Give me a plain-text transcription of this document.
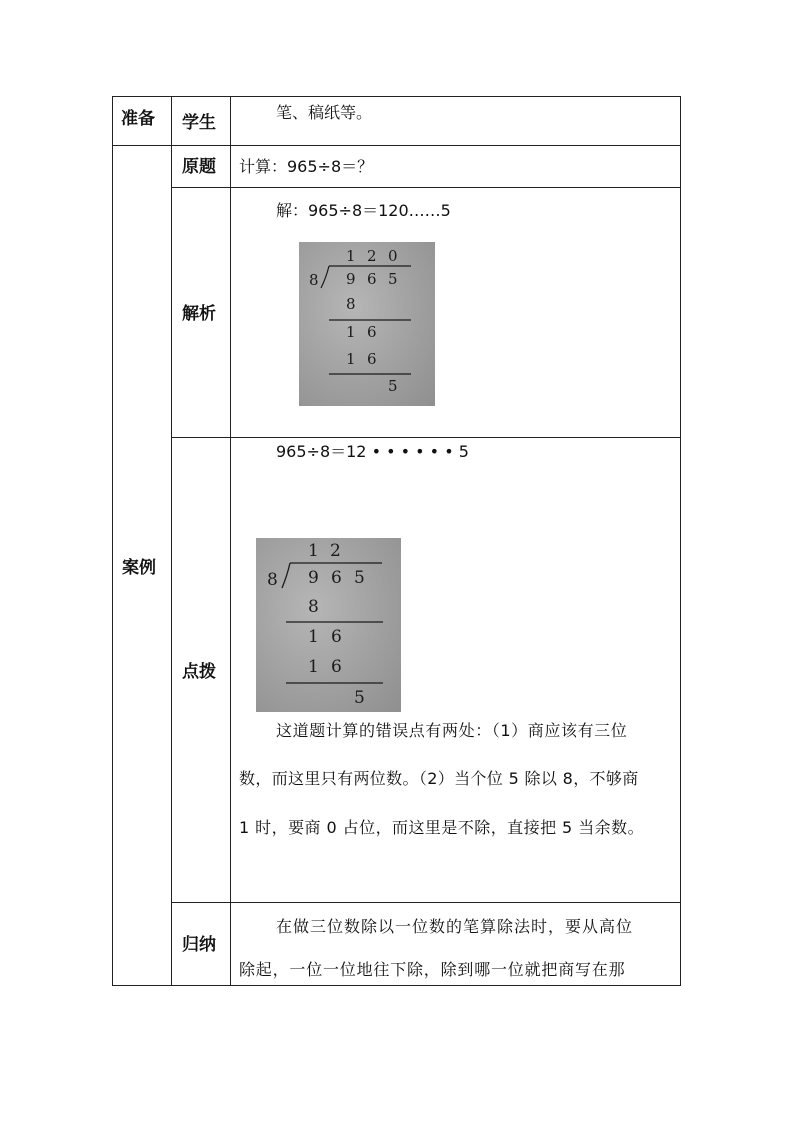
准备 学生
笔、稿纸等。
案例
原题 计算：965÷8＝？
解析
解：965÷8＝120……5
1 2 0
8 9 6 5
8
1 6
1 6
5
点拨
965÷8＝12 • • • • • • 5
1 2
8 9 6 5
8
1 6
1 6
5
这道题计算的错误点有两处：（1）商应该有三位
数，而这里只有两位数。（2）当个位 5 除以 8，不够商
1 时，要商 0 占位，而这里是不除，直接把 5 当余数。
归纳
在做三位数除以一位数的笔算除法时，要从高位
除起，一位一位地往下除，除到哪一位就把商写在那
